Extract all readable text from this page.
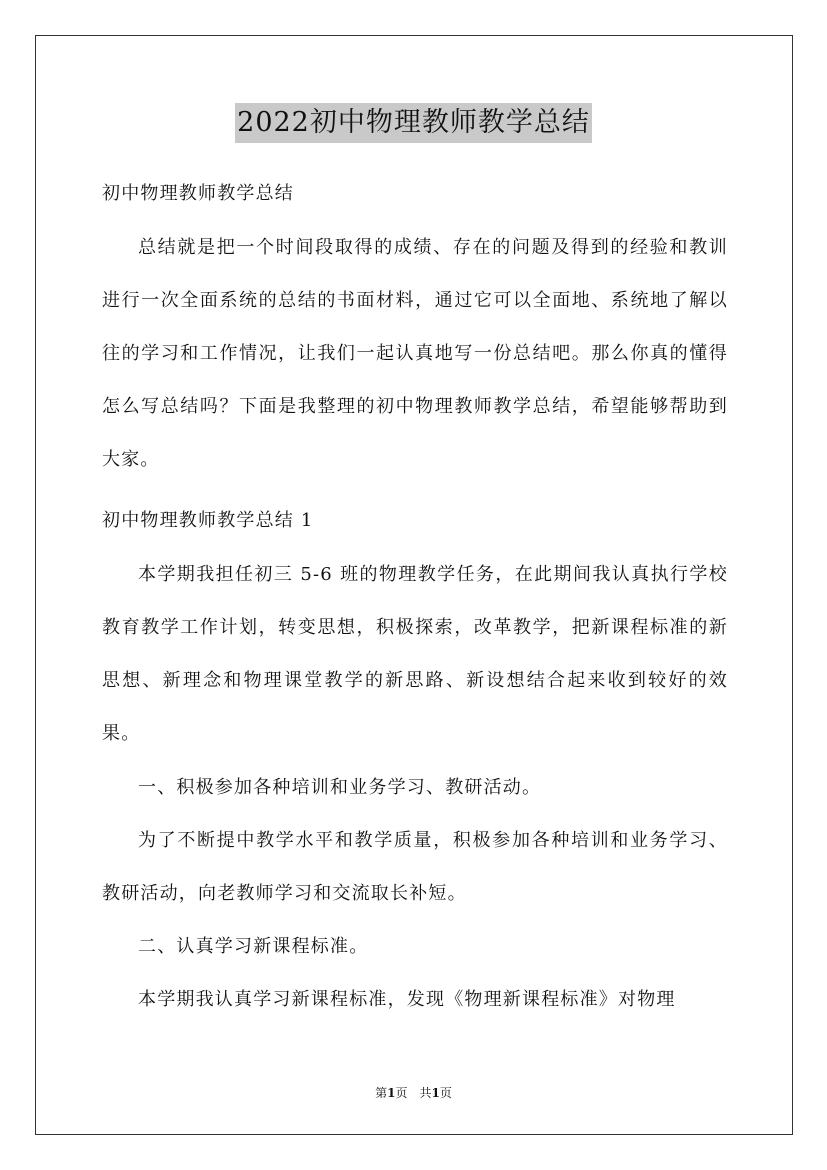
2022初中物理教师教学总结
初中物理教师教学总结
总结就是把一个时间段取得的成绩、存在的问题及得到的经验和教训进行一次全面系统的总结的书面材料，通过它可以全面地、系统地了解以往的学习和工作情况，让我们一起认真地写一份总结吧。那么你真的懂得怎么写总结吗？下面是我整理的初中物理教师教学总结，希望能够帮助到大家。
初中物理教师教学总结 1
本学期我担任初三 5-6 班的物理教学任务，在此期间我认真执行学校教育教学工作计划，转变思想，积极探索，改革教学，把新课程标准的新思想、新理念和物理课堂教学的新思路、新设想结合起来收到较好的效果。
一、积极参加各种培训和业务学习、教研活动。
为了不断提中教学水平和教学质量，积极参加各种培训和业务学习、教研活动，向老教师学习和交流取长补短。
二、认真学习新课程标准。
本学期我认真学习新课程标准，发现《物理新课程标准》对物理
第1页　共1页
